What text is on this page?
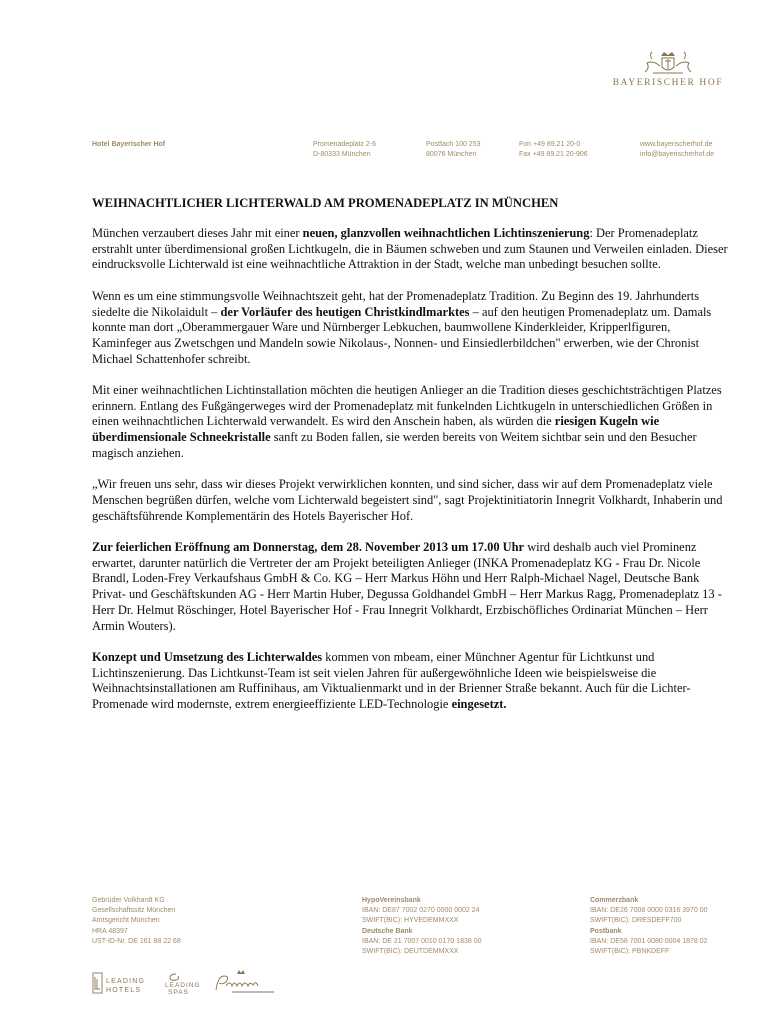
BAYERISCHER HOF
Hotel Bayerischer Hof	Promenadeplatz 2-6
D-80333 München
Postfach 100 253
80076 München
Fon +49 89.21 20-0
Fax +49 89.21 20-906
www.bayerischerhof.de
info@bayerischerhof.de
WEIHNACHTLICHER LICHTERWALD AM PROMENADEPLATZ IN MÜNCHEN

München verzaubert dieses Jahr mit einer neuen, glanzvollen weihnachtlichen Lichtinszenierung: Der Promenadeplatz erstrahlt unter überdimensional großen Lichtkugeln, die in Bäumen schweben und zum Staunen und Verweilen einladen. Dieser eindrucksvolle Lichterwald ist eine weihnachtliche Attraktion in der Stadt, welche man unbedingt besuchen sollte.

Wenn es um eine stimmungsvolle Weihnachtszeit geht, hat der Promenadeplatz Tradition. Zu Beginn des 19. Jahrhunderts siedelte die Nikolaidult – der Vorläufer des heutigen Christkindlmarktes – auf den heutigen Promenadeplatz um. Damals konnte man dort „Oberammergauer Ware und Nürnberger Lebkuchen, baumwollene Kinderkleider, Kripperlfiguren, Kaminfeger aus Zwetschgen und Mandeln sowie Nikolaus-, Nonnen- und Einsiedlerbildchen" erwerben, wie der Chronist Michael Schattenhofer schreibt.

Mit einer weihnachtlichen Lichtinstallation möchten die heutigen Anlieger an die Tradition dieses geschichtsträchtigen Platzes erinnern. Entlang des Fußgängerweges wird der Promenadeplatz mit funkelnden Lichtkugeln in unterschiedlichen Größen in einen weihnachtlichen Lichterwald verwandelt. Es wird den Anschein haben, als würden die riesigen Kugeln wie überdimensionale Schneekristalle sanft zu Boden fallen, sie werden bereits von Weitem sichtbar sein und den Besucher magisch anziehen.

„Wir freuen uns sehr, dass wir dieses Projekt verwirklichen konnten, und sind sicher, dass wir auf dem Promenadeplatz viele Menschen begrüßen dürfen, welche vom Lichterwald begeistert sind", sagt Projektinitiatorin Innegrit Volkhardt, Inhaberin und geschäftsführende Komplementärin des Hotels Bayerischer Hof.

Zur feierlichen Eröffnung am Donnerstag, dem 28. November 2013 um 17.00 Uhr wird deshalb auch viel Prominenz erwartet, darunter natürlich die Vertreter der am Projekt beteiligten Anlieger (INKA Promenadeplatz KG - Frau Dr. Nicole Brandl, Loden-Frey Verkaufshaus GmbH & Co. KG – Herr Markus Höhn und Herr Ralph-Michael Nagel, Deutsche Bank Privat- und Geschäftskunden AG - Herr Martin Huber, Degussa Goldhandel GmbH – Herr Markus Ragg, Promenadeplatz 13 - Herr Dr. Helmut Röschinger, Hotel Bayerischer Hof - Frau Innegrit Volkhardt, Erzbischöfliches Ordinariat München – Herr Armin Wouters).

Konzept und Umsetzung des Lichterwaldes kommen von mbeam, einer Münchner Agentur für Lichtkunst und Lichtinszenierung. Das Lichtkunst-Team ist seit vielen Jahren für außergewöhnliche Ideen wie beispielsweise die Weihnachtsinstallationen am Ruffinihaus, am Viktualienmarkt und in der Brienner Straße bekannt. Auch für die Lichter-Promenade wird modernste, extrem energieeffiziente LED-Technologie eingesetzt.

Gebrüder Volkhardt KG
Gesellschaftssitz München
Amtsgericht München
HRA 48397
UST-ID-Nr. DE 161 88 22 68
HypoVereinsbank
IBAN: DE87 7002 0270 0000 0002 24
SWIFT(BIC): HYVEDEMMXXX
Deutsche Bank
IBAN: DE 21 7007 0010 0170 1838 00
SWIFT(BIC): DEUTDEMMXXX
Commerzbank
IBAN: DE26 7008 0000 0316 3970 00
SWIFT(BIC): DRESDEFF700
Postbank
IBAN: DE58 7001 0080 0004 1878 02
SWIFT(BIC): PBNKDEFF
LEADING
HOTELS
LEADING
SPAS
